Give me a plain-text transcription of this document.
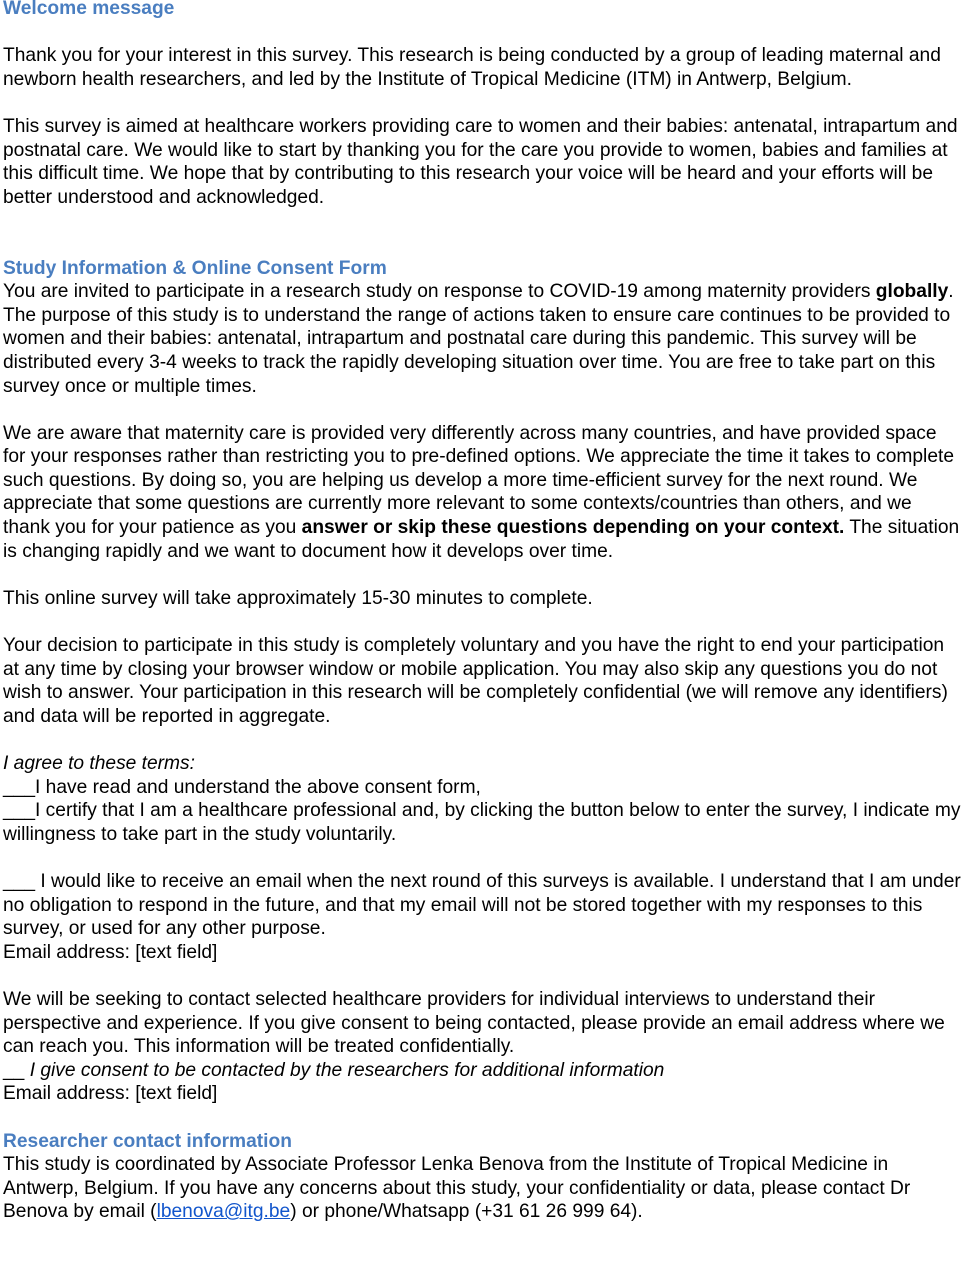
Welcome message

Thank you for your interest in this survey. This research is being conducted by a group of leading maternal and newborn health researchers, and led by the Institute of Tropical Medicine (ITM) in Antwerp, Belgium.

This survey is aimed at healthcare workers providing care to women and their babies: antenatal, intrapartum and postnatal care. We would like to start by thanking you for the care you provide to women, babies and families at this difficult time. We hope that by contributing to this research your voice will be heard and your efforts will be better understood and acknowledged.

Study Information & Online Consent Form

You are invited to participate in a research study on response to COVID-19 among maternity providers globally. The purpose of this study is to understand the range of actions taken to ensure care continues to be provided to women and their babies: antenatal, intrapartum and postnatal care during this pandemic. This survey will be distributed every 3-4 weeks to track the rapidly developing situation over time. You are free to take part on this survey once or multiple times.

We are aware that maternity care is provided very differently across many countries, and have provided space for your responses rather than restricting you to pre-defined options. We appreciate the time it takes to complete such questions. By doing so, you are helping us develop a more time-efficient survey for the next round. We appreciate that some questions are currently more relevant to some contexts/countries than others, and we thank you for your patience as you answer or skip these questions depending on your context. The situation is changing rapidly and we want to document how it develops over time.

This online survey will take approximately 15-30 minutes to complete.

Your decision to participate in this study is completely voluntary and you have the right to end your participation at any time by closing your browser window or mobile application. You may also skip any questions you do not wish to answer. Your participation in this research will be completely confidential (we will remove any identifiers) and data will be reported in aggregate.

I agree to these terms:

___I have read and understand the above consent form,

___I certify that I am a healthcare professional and, by clicking the button below to enter the survey, I indicate my willingness to take part in the study voluntarily.

___ I would like to receive an email when the next round of this surveys is available. I understand that I am under no obligation to respond in the future, and that my email will not be stored together with my responses to this survey, or used for any other purpose.

Email address: [text field]

We will be seeking to contact selected healthcare providers for individual interviews to understand their perspective and experience. If you give consent to being contacted, please provide an email address where we can reach you. This information will be treated confidentially.

__ I give consent to be contacted by the researchers for additional information

Email address: [text field]

Researcher contact information

This study is coordinated by Associate Professor Lenka Benova from the Institute of Tropical Medicine in Antwerp, Belgium. If you have any concerns about this study, your confidentiality or data, please contact Dr Benova by email (lbenova@itg.be) or phone/Whatsapp (+31 61 26 999 64).
